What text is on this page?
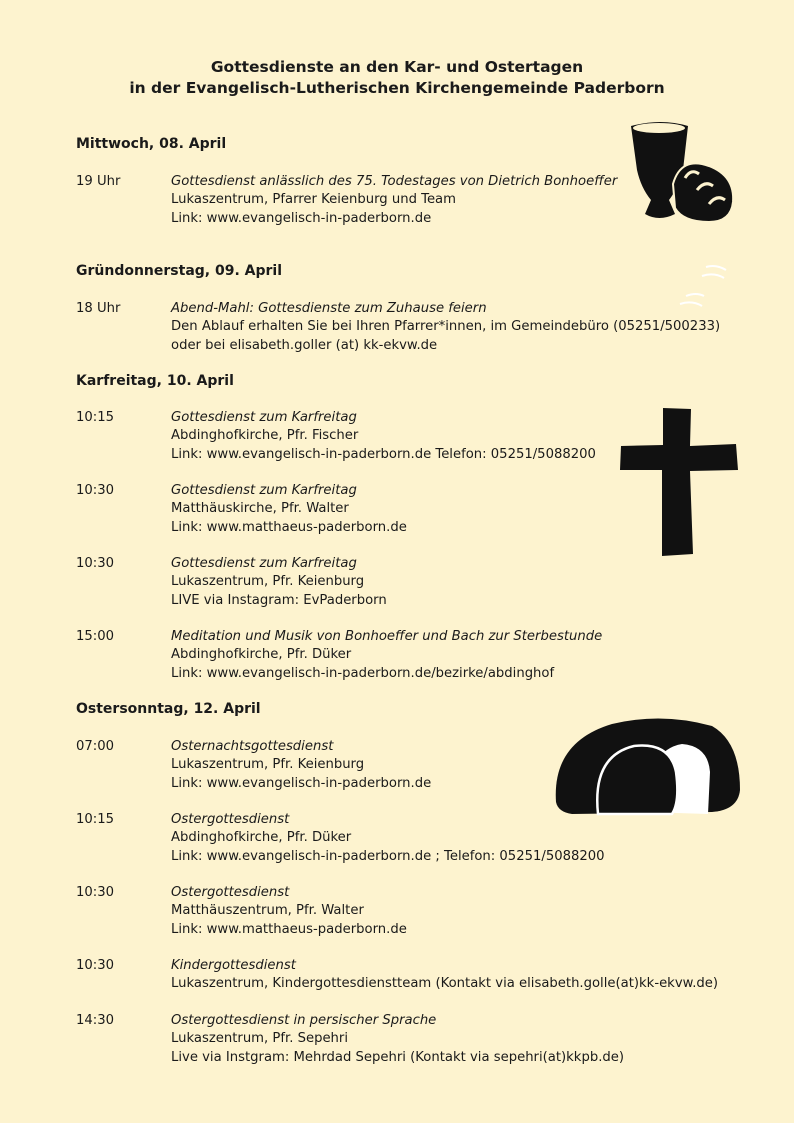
Gottesdienste an den Kar- und Ostertagen
in der Evangelisch-Lutherischen Kirchengemeinde Paderborn
Mittwoch, 08. April
19 Uhr	Gottesdienst anlässlich des 75. Todestages von Dietrich Bonhoeffer
Lukaszentrum, Pfarrer Keienburg und Team
Link: www.evangelisch-in-paderborn.de
Gründonnerstag, 09. April
18 Uhr	Abend-Mahl: Gottesdienste zum Zuhause feiern
Den Ablauf erhalten Sie bei Ihren Pfarrer*innen, im Gemeindebüro (05251/500233)
oder bei elisabeth.goller (at) kk-ekvw.de
Karfreitag, 10. April
10:15	Gottesdienst zum Karfreitag
Abdinghofkirche, Pfr. Fischer
Link: www.evangelisch-in-paderborn.de Telefon: 05251/5088200
10:30	Gottesdienst zum Karfreitag
Matthäuskirche, Pfr. Walter
Link: www.matthaeus-paderborn.de
10:30	Gottesdienst zum Karfreitag
Lukaszentrum, Pfr. Keienburg
LIVE via Instagram: EvPaderborn
15:00	Meditation und Musik von Bonhoeffer und Bach zur Sterbestunde
Abdinghofkirche, Pfr. Düker
Link: www.evangelisch-in-paderborn.de/bezirke/abdinghof
Ostersonntag, 12. April
07:00	Osternachtsgottesdienst
Lukaszentrum, Pfr. Keienburg
Link: www.evangelisch-in-paderborn.de
10:15	Ostergottesdienst
Abdinghofkirche, Pfr. Düker
Link: www.evangelisch-in-paderborn.de ; Telefon: 05251/5088200
10:30	Ostergottesdienst
Matthäuszentrum, Pfr. Walter
Link: www.matthaeus-paderborn.de
10:30	Kindergottesdienst
Lukaszentrum, Kindergottesdienstteam (Kontakt via elisabeth.golle(at)kk-ekvw.de)
14:30	Ostergottesdienst in persischer Sprache
Lukaszentrum, Pfr. Sepehri
Live via Instgram: Mehrdad Sepehri (Kontakt via sepehri(at)kkpb.de)
